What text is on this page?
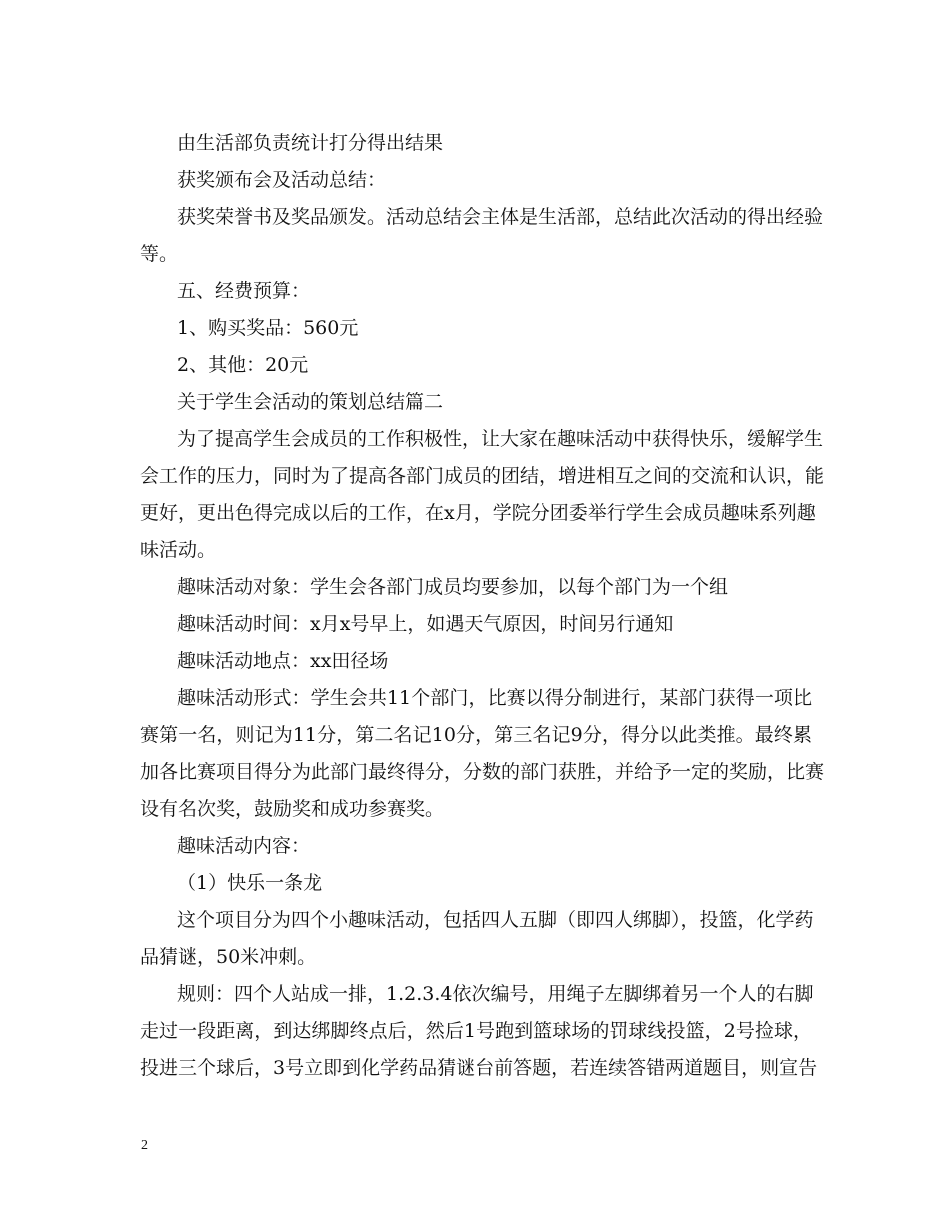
由生活部负责统计打分得出结果
获奖颁布会及活动总结：
获奖荣誉书及奖品颁发。活动总结会主体是生活部，总结此次活动的得出经验
等。
五、经费预算：
1、购买奖品：560元
2、其他：20元
关于学生会活动的策划总结篇二
为了提高学生会成员的工作积极性，让大家在趣味活动中获得快乐，缓解学生
会工作的压力，同时为了提高各部门成员的团结，增进相互之间的交流和认识，能
更好，更出色得完成以后的工作，在x月，学院分团委举行学生会成员趣味系列趣
味活动。
趣味活动对象：学生会各部门成员均要参加，以每个部门为一个组
趣味活动时间：x月x号早上，如遇天气原因，时间另行通知
趣味活动地点：xx田径场
趣味活动形式：学生会共11个部门，比赛以得分制进行，某部门获得一项比
赛第一名，则记为11分，第二名记10分，第三名记9分，得分以此类推。最终累
加各比赛项目得分为此部门最终得分，分数的部门获胜，并给予一定的奖励，比赛
设有名次奖，鼓励奖和成功参赛奖。
趣味活动内容：
（1）快乐一条龙
这个项目分为四个小趣味活动，包括四人五脚（即四人绑脚），投篮，化学药
品猜谜，50米冲刺。
规则：四个人站成一排，1.2.3.4依次编号，用绳子左脚绑着另一个人的右脚
走过一段距离，到达绑脚终点后，然后1号跑到篮球场的罚球线投篮，2号捡球，
投进三个球后，3号立即到化学药品猜谜台前答题，若连续答错两道题目，则宣告
2
